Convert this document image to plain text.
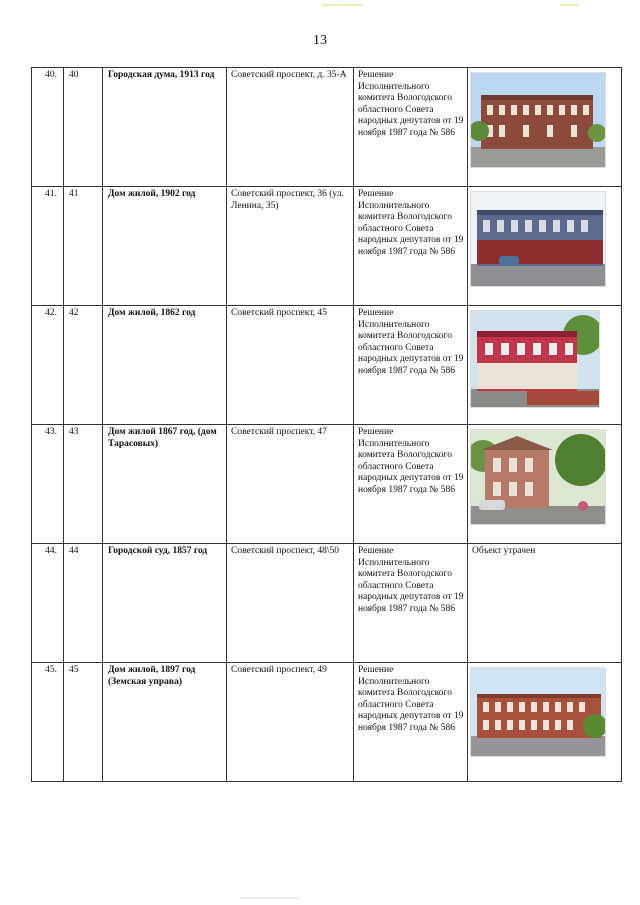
13
40.	40	Городская дума, 1913 год	Советский проспект, д. 35-А	Решение Исполнительного комитета Вологодского областного Совета народных депутатов от 19 ноября 1987 года № 586	

41.	41	Дом жилой, 1902 год	Советский проспект, 36 (ул. Ленина, 35)	Решение Исполнительного комитета Вологодского областного Совета народных депутатов от 19 ноября 1987 года № 586	

42.	42	Дом жилой, 1862 год	Советский проспект, 45	Решение Исполнительного комитета Вологодского областного Совета народных депутатов от 19 ноября 1987 года № 586	

43.	43	Дом жилой 1867 год, (дом Тарасовых)	Советский проспект, 47	Решение Исполнительного комитета Вологодского областного Совета народных депутатов от 19 ноября 1987 года № 586	

44.	44	Городской суд, 1857 год	Советский проспект, 48\50	Решение Исполнительного комитета Вологодского областного Совета народных депутатов от 19 ноября 1987 года № 586	Объект утрачен

45.	45	Дом жилой, 1897 год (Земская управа)	Советский проспект, 49	Решение Исполнительного комитета Вологодского областного Совета народных депутатов от 19 ноября 1987 года № 586	
